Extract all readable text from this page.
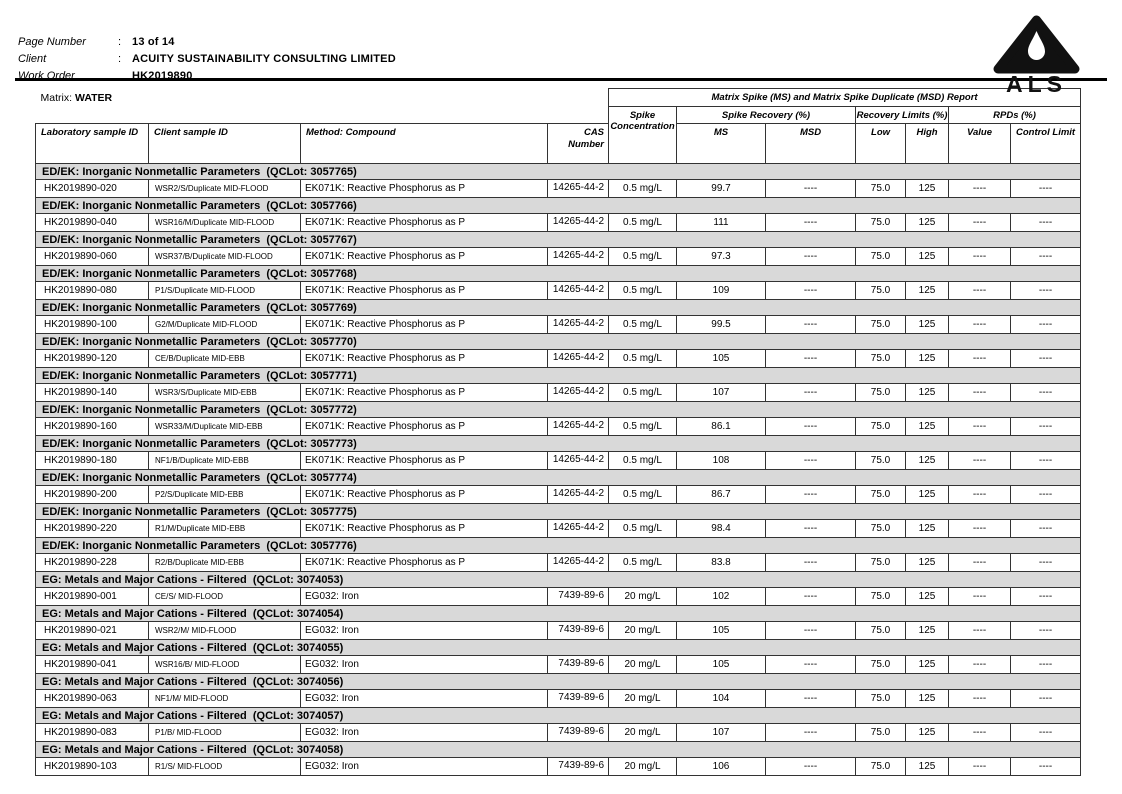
Page Number	: 13 of 14
Client	: ACUITY SUSTAINABILITY CONSULTING LIMITED
Work Order	HK2019890	ALS
Matrix: WATER				Matrix Spike (MS) and Matrix Spike Duplicate (MSD) Report						
				Spike Concentration	Spike Recovery (%)		Recovery Limits (%)		RPDs (%)	
Laboratory sample ID	Client sample ID	Method: Compound	CAS Number		MS	MSD	Low	High	Value	Control Limit
ED/EK: Inorganic Nonmetallic Parameters  (QCLot: 3057765)										
HK2019890-020	WSR2/S/Duplicate MID-FLOOD	EK071K: Reactive Phosphorus as P	14265-44-2	0.5 mg/L	99.7	----	75.0	125	----	----
ED/EK: Inorganic Nonmetallic Parameters  (QCLot: 3057766)										
HK2019890-040	WSR16/M/Duplicate MID-FLOOD	EK071K: Reactive Phosphorus as P	14265-44-2	0.5 mg/L	111	----	75.0	125	----	----
ED/EK: Inorganic Nonmetallic Parameters  (QCLot: 3057767)										
HK2019890-060	WSR37/B/Duplicate MID-FLOOD	EK071K: Reactive Phosphorus as P	14265-44-2	0.5 mg/L	97.3	----	75.0	125	----	----
ED/EK: Inorganic Nonmetallic Parameters  (QCLot: 3057768)										
HK2019890-080	P1/S/Duplicate MID-FLOOD	EK071K: Reactive Phosphorus as P	14265-44-2	0.5 mg/L	109	----	75.0	125	----	----
ED/EK: Inorganic Nonmetallic Parameters  (QCLot: 3057769)										
HK2019890-100	G2/M/Duplicate MID-FLOOD	EK071K: Reactive Phosphorus as P	14265-44-2	0.5 mg/L	99.5	----	75.0	125	----	----
ED/EK: Inorganic Nonmetallic Parameters  (QCLot: 3057770)										
HK2019890-120	CE/B/Duplicate MID-EBB	EK071K: Reactive Phosphorus as P	14265-44-2	0.5 mg/L	105	----	75.0	125	----	----
ED/EK: Inorganic Nonmetallic Parameters  (QCLot: 3057771)										
HK2019890-140	WSR3/S/Duplicate MID-EBB	EK071K: Reactive Phosphorus as P	14265-44-2	0.5 mg/L	107	----	75.0	125	----	----
ED/EK: Inorganic Nonmetallic Parameters  (QCLot: 3057772)										
HK2019890-160	WSR33/M/Duplicate MID-EBB	EK071K: Reactive Phosphorus as P	14265-44-2	0.5 mg/L	86.1	----	75.0	125	----	----
ED/EK: Inorganic Nonmetallic Parameters  (QCLot: 3057773)										
HK2019890-180	NF1/B/Duplicate MID-EBB	EK071K: Reactive Phosphorus as P	14265-44-2	0.5 mg/L	108	----	75.0	125	----	----
ED/EK: Inorganic Nonmetallic Parameters  (QCLot: 3057774)										
HK2019890-200	P2/S/Duplicate MID-EBB	EK071K: Reactive Phosphorus as P	14265-44-2	0.5 mg/L	86.7	----	75.0	125	----	----
ED/EK: Inorganic Nonmetallic Parameters  (QCLot: 3057775)										
HK2019890-220	R1/M/Duplicate MID-EBB	EK071K: Reactive Phosphorus as P	14265-44-2	0.5 mg/L	98.4	----	75.0	125	----	----
ED/EK: Inorganic Nonmetallic Parameters  (QCLot: 3057776)										
HK2019890-228	R2/B/Duplicate MID-EBB	EK071K: Reactive Phosphorus as P	14265-44-2	0.5 mg/L	83.8	----	75.0	125	----	----
EG: Metals and Major Cations - Filtered  (QCLot: 3074053)										
HK2019890-001	CE/S/ MID-FLOOD	EG032: Iron	7439-89-6	20 mg/L	102	----	75.0	125	----	----
EG: Metals and Major Cations - Filtered  (QCLot: 3074054)										
HK2019890-021	WSR2/M/ MID-FLOOD	EG032: Iron	7439-89-6	20 mg/L	105	----	75.0	125	----	----
EG: Metals and Major Cations - Filtered  (QCLot: 3074055)										
HK2019890-041	WSR16/B/ MID-FLOOD	EG032: Iron	7439-89-6	20 mg/L	105	----	75.0	125	----	----
EG: Metals and Major Cations - Filtered  (QCLot: 3074056)										
HK2019890-063	NF1/M/ MID-FLOOD	EG032: Iron	7439-89-6	20 mg/L	104	----	75.0	125	----	----
EG: Metals and Major Cations - Filtered  (QCLot: 3074057)										
HK2019890-083	P1/B/ MID-FLOOD	EG032: Iron	7439-89-6	20 mg/L	107	----	75.0	125	----	----
EG: Metals and Major Cations - Filtered  (QCLot: 3074058)										
HK2019890-103	R1/S/ MID-FLOOD	EG032: Iron	7439-89-6	20 mg/L	106	----	75.0	125	----	----
